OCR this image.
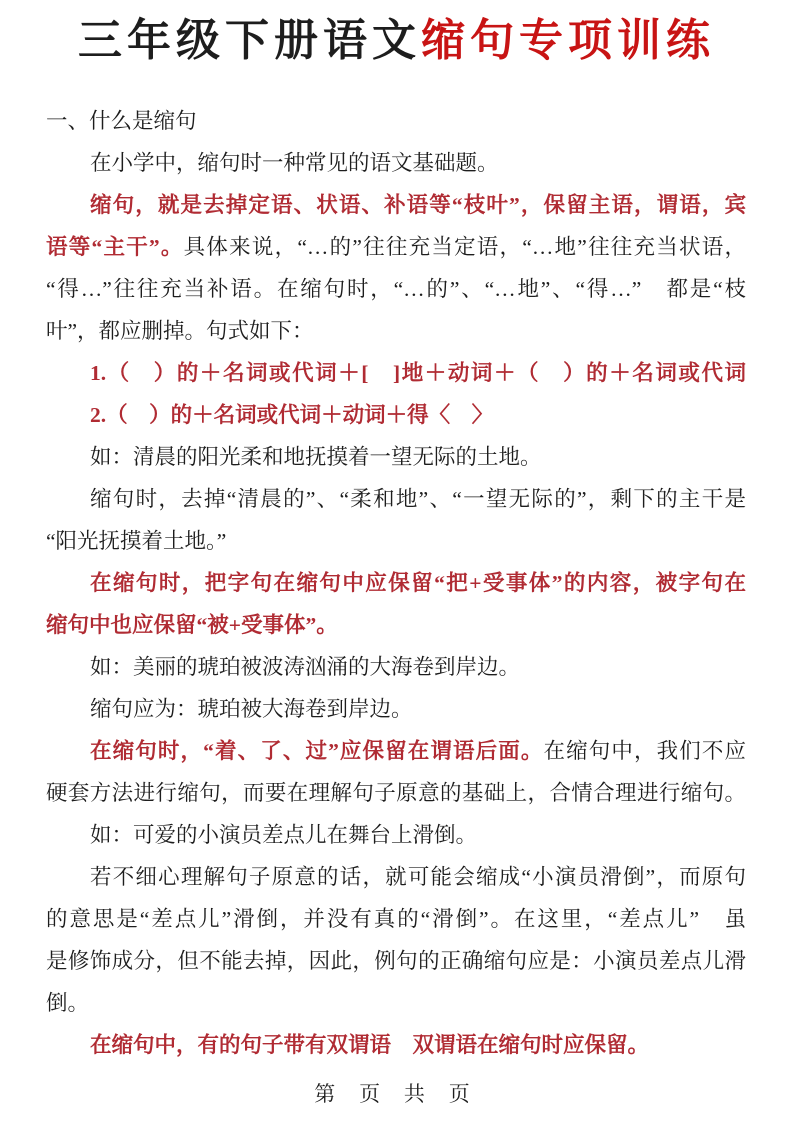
三年级下册语文缩句专项训练
一、什么是缩句
在小学中，缩句时一种常见的语文基础题。
缩句，就是去掉定语、状语、补语等“枝叶”，保留主语，谓语，宾
语等“主干”。具体来说，“…的”往往充当定语，“…地”往往充当状语，
“得…”往往充当补语。在缩句时，“…的”、“…地”、“得…”　都是“枝
叶”，都应删掉。句式如下：
1.（　）的＋名词或代词＋[　]地＋动词＋（　）的＋名词或代词
2.（　）的＋名词或代词＋动词＋得〈　〉
如：清晨的阳光柔和地抚摸着一望无际的土地。
缩句时，去掉“清晨的”、“柔和地”、“一望无际的”，剩下的主干是
“阳光抚摸着土地。”
在缩句时，把字句在缩句中应保留“把+受事体”的内容，被字句在
缩句中也应保留“被+受事体”。
如：美丽的琥珀被波涛汹涌的大海卷到岸边。
缩句应为：琥珀被大海卷到岸边。
在缩句时，“着、了、过”应保留在谓语后面。在缩句中，我们不应
硬套方法进行缩句，而要在理解句子原意的基础上，合情合理进行缩句。
如：可爱的小演员差点儿在舞台上滑倒。
若不细心理解句子原意的话，就可能会缩成“小演员滑倒”，而原句
的意思是“差点儿”滑倒，并没有真的“滑倒”。在这里，“差点儿”　虽
是修饰成分，但不能去掉，因此，例句的正确缩句应是：小演员差点儿滑
倒。
在缩句中，有的句子带有双谓语　双谓语在缩句时应保留。
第 页 共 页
